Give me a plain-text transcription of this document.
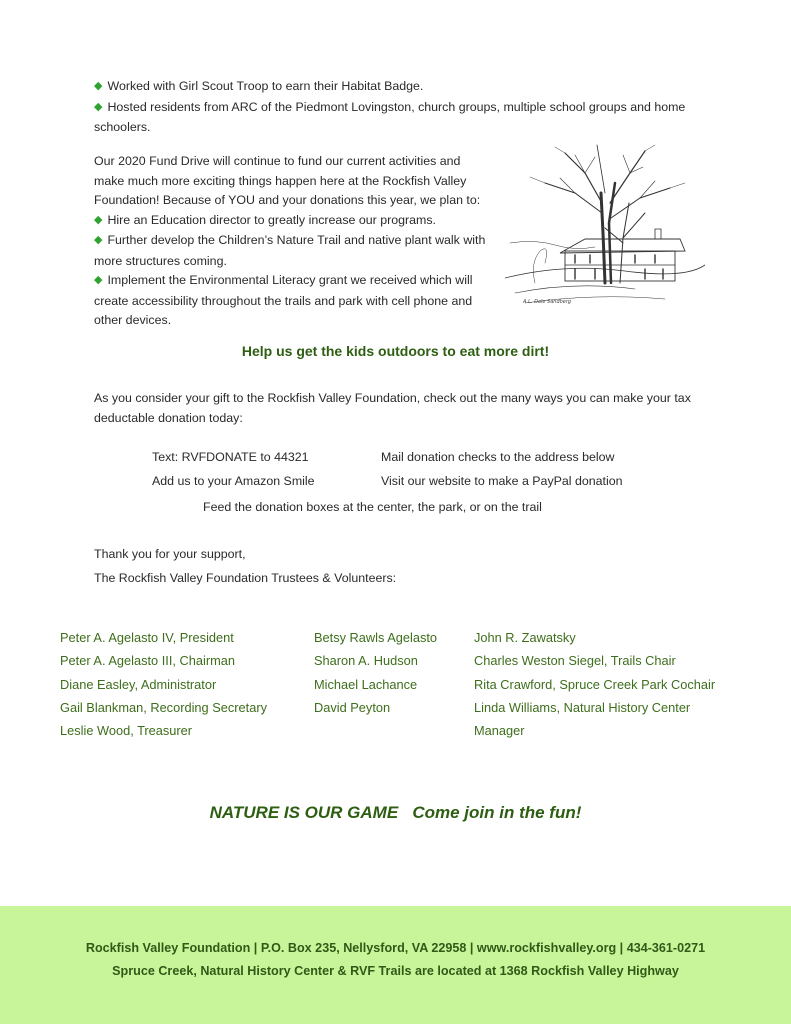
◆ Worked with Girl Scout Troop to earn their Habitat Badge.
◆ Hosted residents from ARC of the Piedmont Lovingston, church groups, multiple school groups and home schoolers.
Our 2020 Fund Drive will continue to fund our current activities and make much more exciting things happen here at the Rockfish Valley Foundation! Because of YOU and your donations this year, we plan to:
◆ Hire an Education director to greatly increase our programs.
◆ Further develop the Children’s Nature Trail and native plant walk with more structures coming.
◆ Implement the Environmental Literacy grant we received which will create accessibility throughout the trails and park with cell phone and other devices.
A.L. Dale Sandberg
Help us get the kids outdoors to eat more dirt!
As you consider your gift to the Rockfish Valley Foundation, check out the many ways you can make your tax deductable donation today:
Text: RVFDONATE to 44321	Mail donation checks to the address below
Add us to your Amazon Smile	Visit our website to make a PayPal donation
Feed the donation boxes at the center, the park, or on the trail
Thank you for your support,
The Rockfish Valley Foundation Trustees & Volunteers:
Peter A. Agelasto IV, President
Peter A. Agelasto III, Chairman
Diane Easley, Administrator
Gail Blankman, Recording Secretary
Leslie Wood, Treasurer
Betsy Rawls Agelasto
Sharon A. Hudson
Michael Lachance
David Peyton
John R. Zawatsky
Charles Weston Siegel, Trails Chair
Rita Crawford, Spruce Creek Park Cochair
Linda Williams, Natural History Center
Manager
NATURE IS OUR GAME   Come join in the fun!
Rockfish Valley Foundation | P.O. Box 235, Nellysford, VA 22958 | www.rockfishvalley.org | 434-361-0271
Spruce Creek, Natural History Center & RVF Trails are located at 1368 Rockfish Valley Highway
